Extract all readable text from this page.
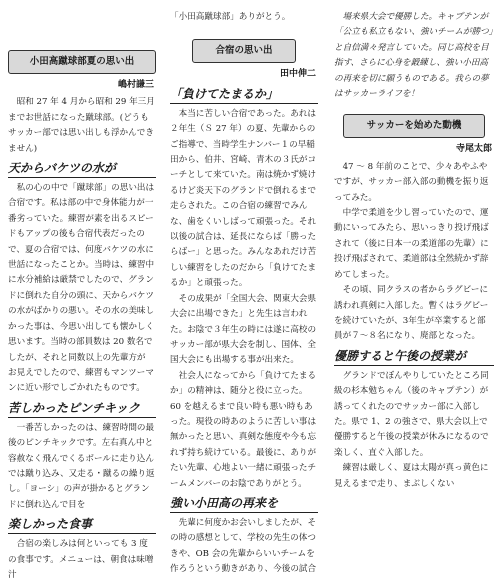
小田高蹴球部夏の思い出
嶋村謙三

昭和 27 年 4 月から昭和 29 年三月までお世話になった蹴球部。(どうもサッカー部では思い出しも浮かんできません)

天からバケツの水が

私の心の中で「蹴球部」の思い出は合宿です。私は部の中で身体能力が一番劣っていた。練習が素を出るスピードもアップの後も合宿代表だったので、夏の合宿では、何度バケツの水に世話になったことか。当時は、練習中に水分補給は厳禁でしたので、グランドに倒れた自分の頭に、天からバケツの水がばかりの悪い。その水の美味しかった事は、今思い出しても懐かしく思います。当時の部員数は 20 数名でしたが、それと同数以上の先輩方が お見えでしたので、練習もマンツーマンに近い形でしごかれたものです。

苦しかったピンチキック

一番苦しかったのは、練習時間の最後のピンチキックです。左右真ん中と容赦なく飛んでくるボールに走り込んでは蹴り込み、又走る・蹴るの繰り返し。「ヨーシ」の声が掛かるとグランドに倒れ込んで目を

楽しかった食事

合宿の楽しみは何といっても 3 度の食事です。メニューは、朝食は味噌汁

「小田高蹴球部」ありがとう。

合宿の思い出
田中伸二
「負けてたまるか」

本当に苦しい合宿であった。あれは２年生（Ｓ 27 年）の夏、先輩からのご指導で、当時学生ナンバー１の早稲田から、伯井、宮崎、青木の３氏がコーチとして来ていた。南は焼かず焼けるけど炎天下のグランドで倒れるまで走らされた。この合宿の練習でみんな、歯をくいしばって頑張った。それ以後の試合は、延長にならば「勝ったらばー」と思った。みんなあれだけ苦しい練習をしたのだから「負けてたまるか」と頑張った。

その成果が「全国大会、関東大会県大会に出場できた」と先生は言われた。お陰で３年生の時には遂に高校のサッカー部が県大会を制し、国体、全国大会にも出場する事が出来た。

社会人になってから「負けてたまるか」の精神は、随分と役に立った。60 を越えるまで良い時も悪い時もあった。現役の時あのように苦しい事は無かったと思い、真剣な態度や今も忘れず持ち続けている。最後に、ありがたい先輩、心地よい一緒に頑張ったチームメンバーのお陰でありがとう。

強い小田高の再来を

先輩に何度かお会いしましたが、その時の感想として、学校の先生の体つきや、OB 会の先輩からいいチームを作ろうという動きがあり、今後の試合

場来県大会で優勝した。キャプテンが「公立も私立もない、強いチームが勝つ」と自信満々発言していた。同じ高校を目指す、さらに心身を鍛練し、強い小田高の再来を切に願うものである。我らの夢はサッカーライフを！

サッカーを始めた動機
寺尾太郎

47 ～ 8 年前のことで、少々あやふやですが、サッカー部入部の動機を振り返ってみた。

中学で柔道を少し習っていたので、運動にいってみたら、思いっきり投げ飛ばされて（後に日本一の柔道部の先輩）に投げ飛ばされて、柔道部は全然続かず辞めてしまった。

その頃、同クラスの者からラグビーに誘われ真剣に入部した。暫くはラグビーを続けていたが、3年生が卒業すると部員が７～８名になり、廃部となった。

優勝すると午後の授業が

グランドでぼんやりしていたところ同級の杉本勉ちゃん（後のキャプテン）が誘ってくれたのでサッカー部に入部した。県で 1、2 の強さで、県大会以上で優勝すると午後の授業が休みになるので楽しく、直ぐ入部した。

練習は厳しく、夏は太陽が真っ黄色に見えるまで走り、まぶしくない
